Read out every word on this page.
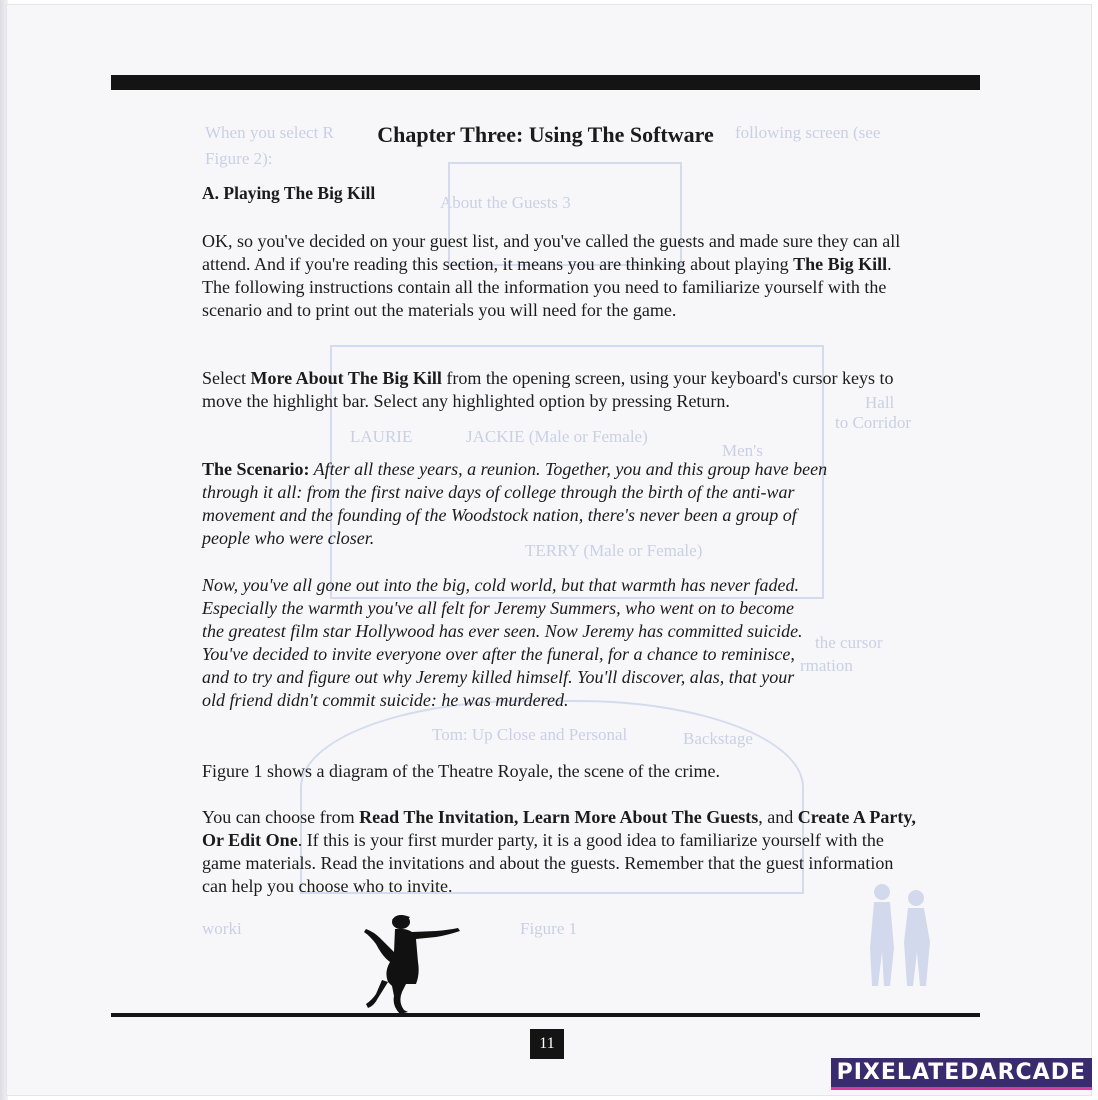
When you select R	following screen (see
Figure 2):
About the Guests 3
JACKIE (Male or Female)
LAURIE
Men's
TERRY (Male or Female)
Hall
to Corridor
the cursor
rmation
Tom: Up Close and Personal	Backstage
Figure 1
worki
Chapter Three: Using The Software
A. Playing The Big Kill

OK, so you've decided on your guest list, and you've called the guests and made sure they can all attend. And if you're reading this section, it means you are thinking about playing The Big Kill. The following instructions contain all the information you need to familiarize yourself with the scenario and to print out the materials you will need for the game.

Select More About The Big Kill from the opening screen, using your keyboard's cursor keys to move the highlight bar. Select any highlighted option by pressing Return.

The Scenario: After all these years, a reunion. Together, you and this group have been through it all: from the first naive days of college through the birth of the anti-war movement and the founding of the Woodstock nation, there's never been a group of people who were closer.

Now, you've all gone out into the big, cold world, but that warmth has never faded. Especially the warmth you've all felt for Jeremy Summers, who went on to become the greatest film star Hollywood has ever seen. Now Jeremy has committed suicide. You've decided to invite everyone over after the funeral, for a chance to reminisce, and to try and figure out why Jeremy killed himself. You'll discover, alas, that your old friend didn't commit suicide: he was murdered.

Figure 1 shows a diagram of the Theatre Royale, the scene of the crime.

You can choose from Read The Invitation, Learn More About The Guests, and Create A Party, Or Edit One. If this is your first murder party, it is a good idea to familiarize yourself with the game materials. Read the invitations and about the guests. Remember that the guest information can help you choose who to invite.

11
PIXELATEDARCADE
